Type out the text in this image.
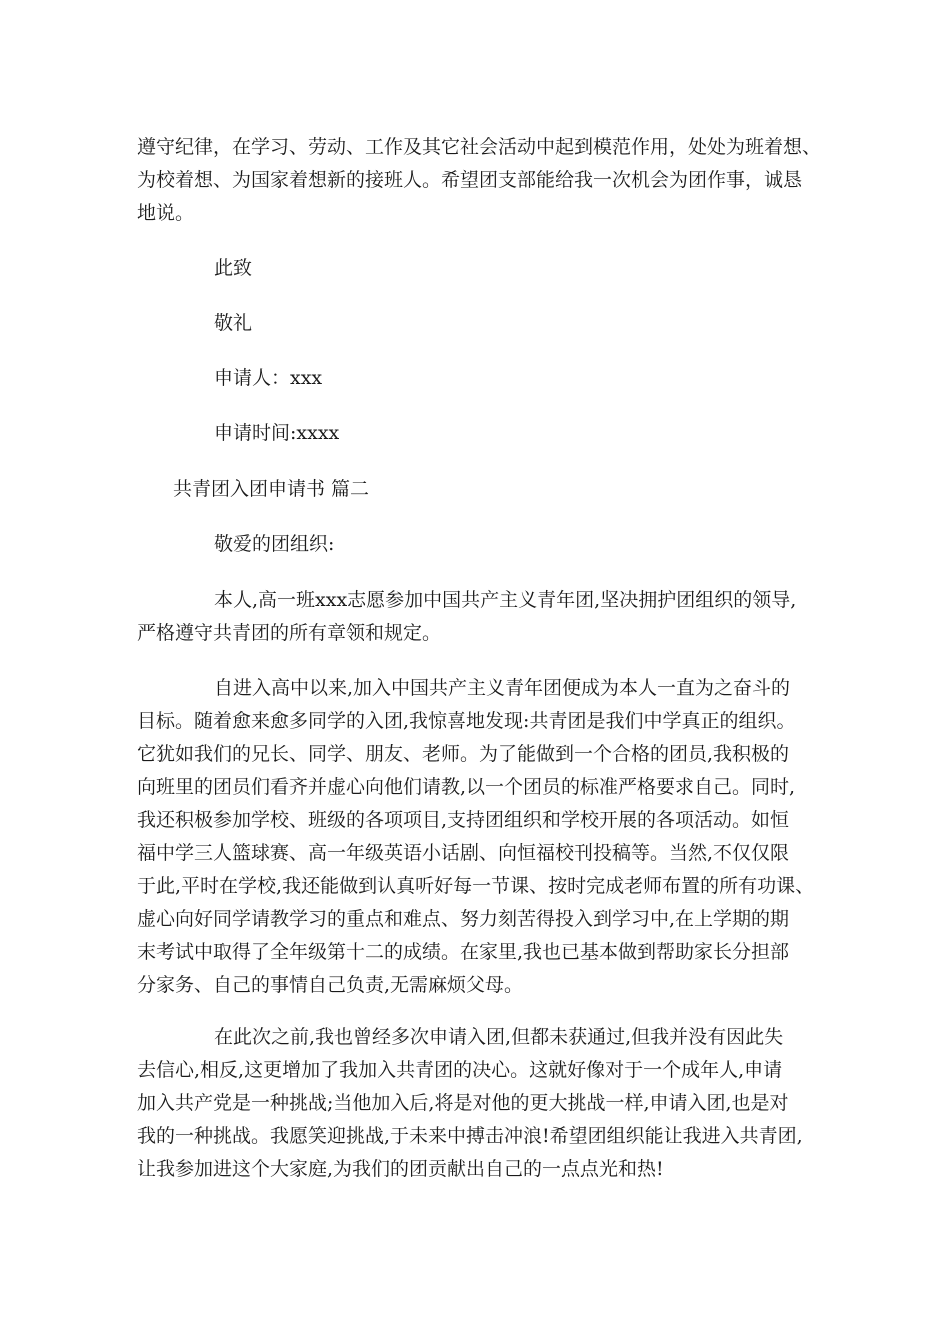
遵守纪律，在学习、劳动、工作及其它社会活动中起到模范作用，处处为班着想、
为校着想、为国家着想新的接班人。希望团支部能给我一次机会为团作事，诚恳
地说。

此致

敬礼

申请人：xxx

申请时间:xxxx

共青团入团申请书 篇二

敬爱的团组织:

本人,高一班xxx志愿参加中国共产主义青年团,坚决拥护团组织的领导,
严格遵守共青团的所有章领和规定。

自进入高中以来,加入中国共产主义青年团便成为本人一直为之奋斗的
目标。随着愈来愈多同学的入团,我惊喜地发现:共青团是我们中学真正的组织。
它犹如我们的兄长、同学、朋友、老师。为了能做到一个合格的团员,我积极的
向班里的团员们看齐并虚心向他们请教,以一个团员的标准严格要求自己。同时,
我还积极参加学校、班级的各项项目,支持团组织和学校开展的各项活动。如恒
福中学三人篮球赛、高一年级英语小话剧、向恒福校刊投稿等。当然,不仅仅限
于此,平时在学校,我还能做到认真听好每一节课、按时完成老师布置的所有功课、
虚心向好同学请教学习的重点和难点、努力刻苦得投入到学习中,在上学期的期
末考试中取得了全年级第十二的成绩。在家里,我也已基本做到帮助家长分担部
分家务、自己的事情自己负责,无需麻烦父母。

在此次之前,我也曾经多次申请入团,但都未获通过,但我并没有因此失
去信心,相反,这更增加了我加入共青团的决心。这就好像对于一个成年人,申请
加入共产党是一种挑战;当他加入后,将是对他的更大挑战一样,申请入团,也是对
我的一种挑战。我愿笑迎挑战,于未来中搏击冲浪!希望团组织能让我进入共青团,
让我参加进这个大家庭,为我们的团贡献出自己的一点点光和热!
